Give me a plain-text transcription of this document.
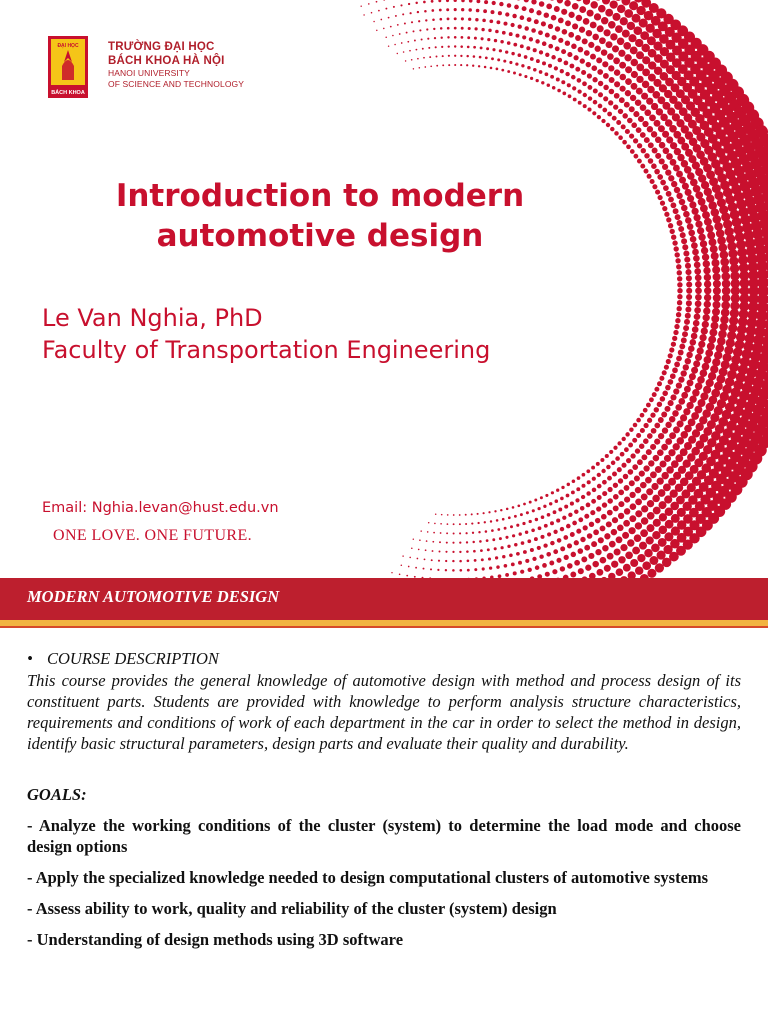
ĐẠI HỌC
BÁCH KHOA
TRƯỜNG ĐẠI HỌC
BÁCH KHOA HÀ NỘI
HANOI UNIVERSITY
OF SCIENCE AND TECHNOLOGY
Introduction to modern
automotive design
Le Van Nghia, PhD
Faculty of Transportation Engineering
Email: Nghia.levan@hust.edu.vn
ONE LOVE. ONE FUTURE.
MODERN AUTOMOTIVE DESIGN
• COURSE DESCRIPTION
This course provides the general knowledge of automotive design with method and process design of its constituent parts. Students are provided with knowledge to perform analysis structure characteristics, requirements and conditions of work of each department in the car in order to select the method in design, identify basic structural parameters, design parts and evaluate their quality and durability.
GOALS:
- Analyze the working conditions of the cluster (system) to determine the load mode and choose design options
- Apply the specialized knowledge needed to design computational clusters of automotive systems
- Assess ability to work, quality and reliability of the cluster (system) design
- Understanding of design methods using 3D software
